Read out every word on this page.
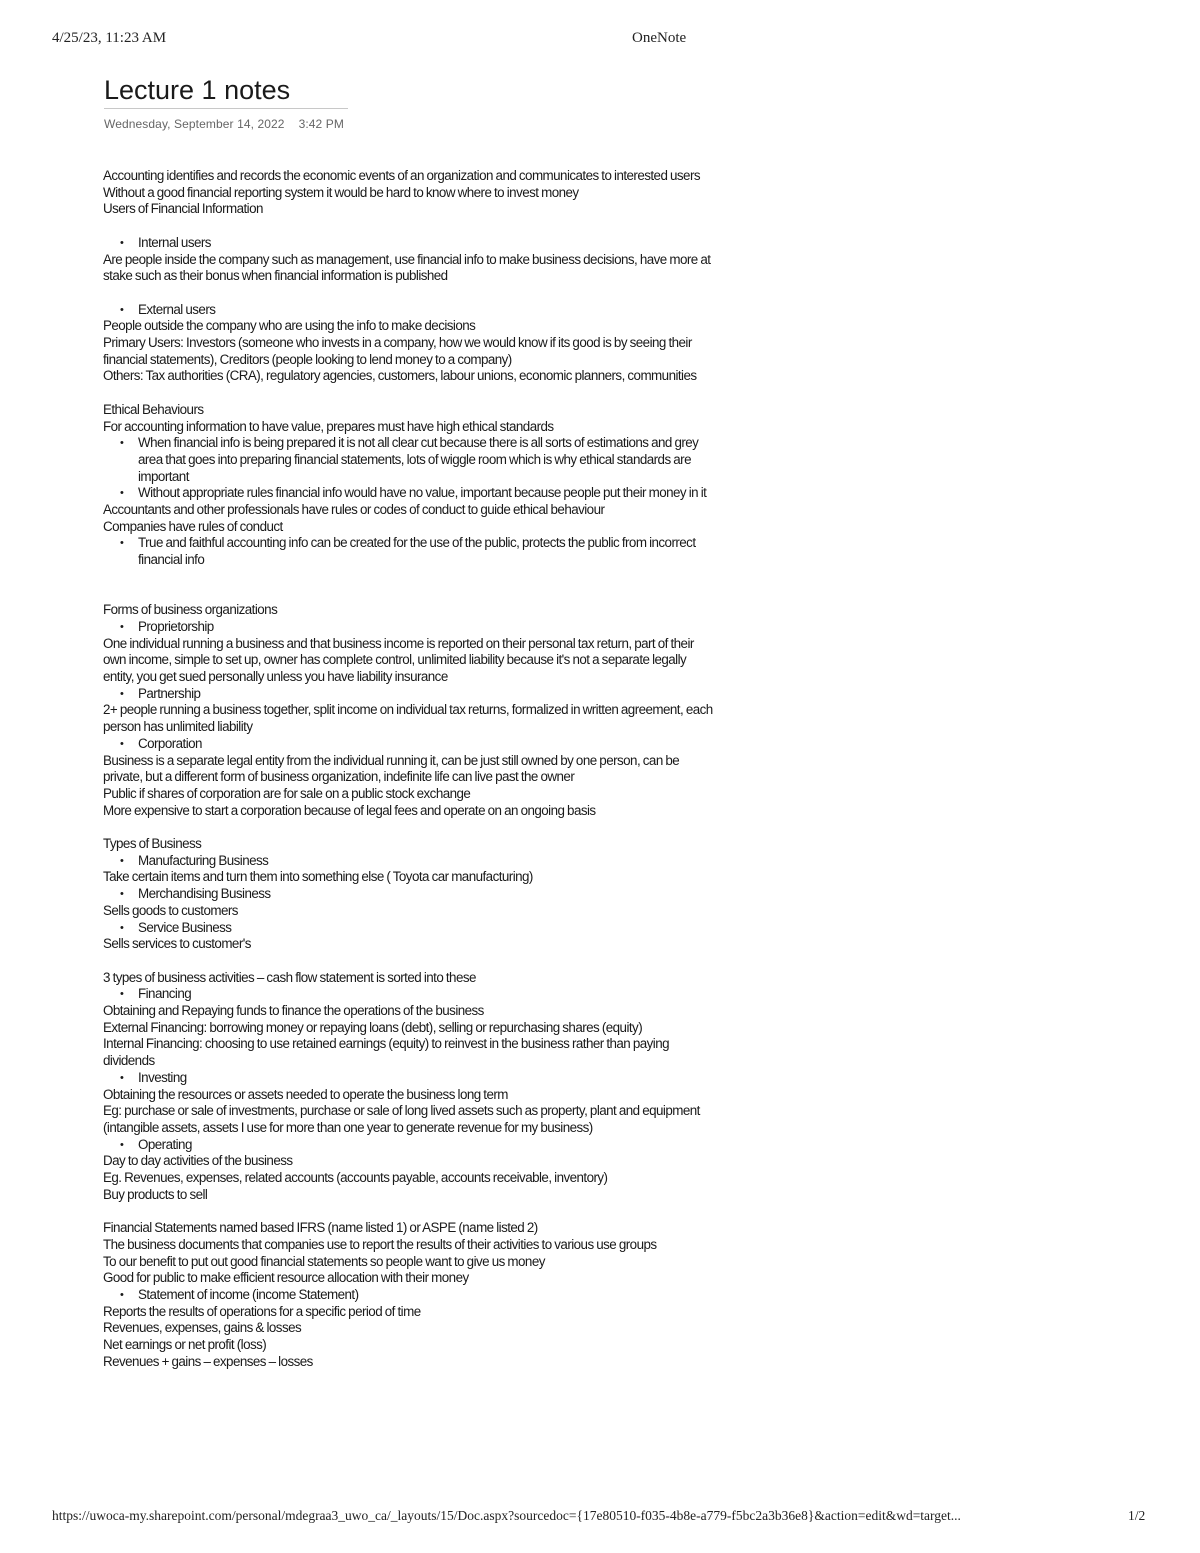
4/25/23, 11:23 AM	OneNote
Lecture 1 notes
Wednesday, September 14, 2022 3:42 PM
Accounting identifies and records the economic events of an organization and communicates to interested users
Without a good financial reporting system it would be hard to know where to invest money
Users of Financial Information
• Internal users
Are people inside the company such as management, use financial info to make business decisions, have more at stake such as their bonus when financial information is published
• External users
People outside the company who are using the info to make decisions
Primary Users: Investors (someone who invests in a company, how we would know if its good is by seeing their financial statements), Creditors (people looking to lend money to a company)
Others: Tax authorities (CRA), regulatory agencies, customers, labour unions, economic planners, communities
Ethical Behaviours
For accounting information to have value, prepares must have high ethical standards
• When financial info is being prepared it is not all clear cut because there is all sorts of estimations and grey area that goes into preparing financial statements, lots of wiggle room which is why ethical standards are important
• Without appropriate rules financial info would have no value, important because people put their money in it
Accountants and other professionals have rules or codes of conduct to guide ethical behaviour
Companies have rules of conduct
• True and faithful accounting info can be created for the use of the public, protects the public from incorrect financial info
Forms of business organizations
• Proprietorship
One individual running a business and that business income is reported on their personal tax return, part of their own income, simple to set up, owner has complete control, unlimited liability because it's not a separate legally entity, you get sued personally unless you have liability insurance
• Partnership
2+ people running a business together, split income on individual tax returns, formalized in written agreement, each person has unlimited liability
• Corporation
Business is a separate legal entity from the individual running it, can be just still owned by one person, can be private, but a different form of business organization, indefinite life can live past the owner
Public if shares of corporation are for sale on a public stock exchange
More expensive to start a corporation because of legal fees and operate on an ongoing basis
Types of Business
• Manufacturing Business
Take certain items and turn them into something else ( Toyota car manufacturing)
• Merchandising Business
Sells goods to customers
• Service Business
Sells services to customer's
3 types of business activities – cash flow statement is sorted into these
• Financing
Obtaining and Repaying funds to finance the operations of the business
External Financing: borrowing money or repaying loans (debt), selling or repurchasing shares (equity)
Internal Financing: choosing to use retained earnings (equity) to reinvest in the business rather than paying dividends
• Investing
Obtaining the resources or assets needed to operate the business long term
Eg: purchase or sale of investments, purchase or sale of long lived assets such as property, plant and equipment (intangible assets, assets I use for more than one year to generate revenue for my business)
• Operating
Day to day activities of the business
Eg. Revenues, expenses, related accounts (accounts payable, accounts receivable, inventory)
Buy products to sell
Financial Statements named based IFRS (name listed 1) or ASPE (name listed 2)
The business documents that companies use to report the results of their activities to various use groups
To our benefit to put out good financial statements so people want to give us money
Good for public to make efficient resource allocation with their money
• Statement of income (income Statement)
Reports the results of operations for a specific period of time
Revenues, expenses, gains & losses
Net earnings or net profit (loss)
Revenues + gains – expenses – losses
https://uwoca-my.sharepoint.com/personal/mdegraa3_uwo_ca/_layouts/15/Doc.aspx?sourcedoc={17e80510-f035-4b8e-a779-f5bc2a3b36e8}&action=edit&wd=target...	1/2
